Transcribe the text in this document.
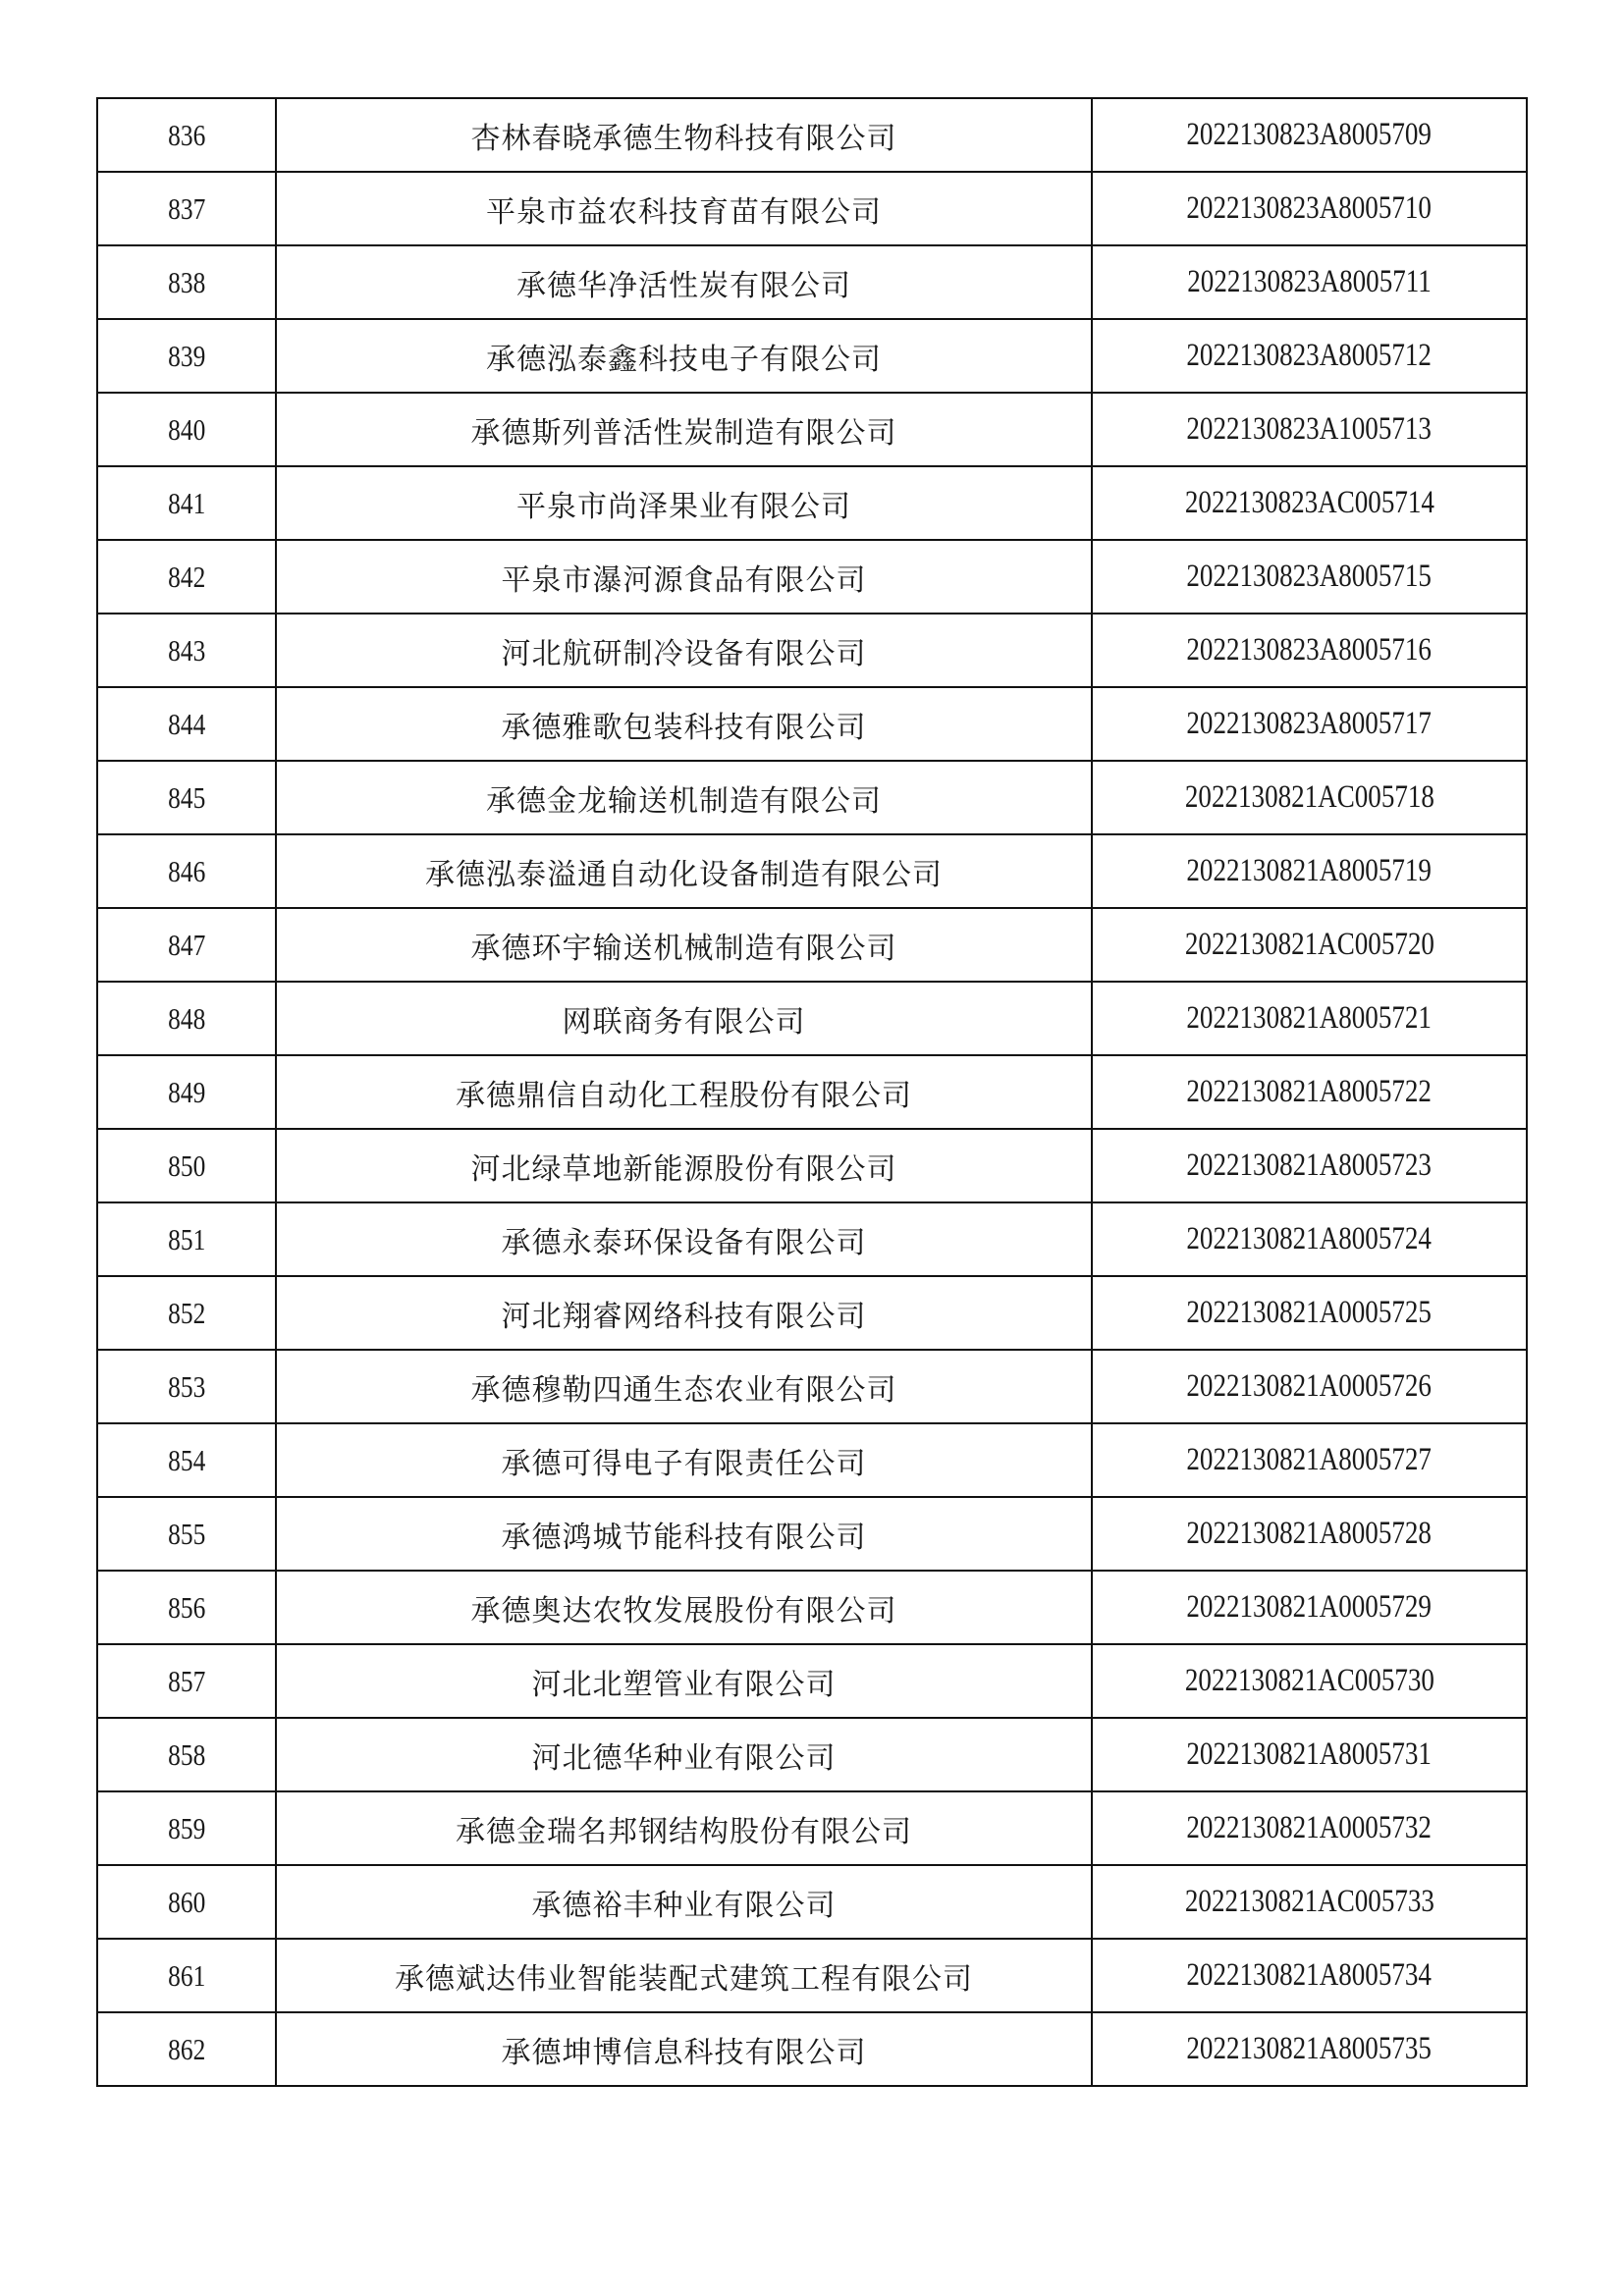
836	杏林春晓承德生物科技有限公司	2022130823A8005709
837	平泉市益农科技育苗有限公司	2022130823A8005710
838	承德华净活性炭有限公司	2022130823A8005711
839	承德泓泰鑫科技电子有限公司	2022130823A8005712
840	承德斯列普活性炭制造有限公司	2022130823A1005713
841	平泉市尚泽果业有限公司	2022130823AC005714
842	平泉市瀑河源食品有限公司	2022130823A8005715
843	河北航研制冷设备有限公司	2022130823A8005716
844	承德雅歌包装科技有限公司	2022130823A8005717
845	承德金龙输送机制造有限公司	2022130821AC005718
846	承德泓泰溢通自动化设备制造有限公司	2022130821A8005719
847	承德环宇输送机械制造有限公司	2022130821AC005720
848	网联商务有限公司	2022130821A8005721
849	承德鼎信自动化工程股份有限公司	2022130821A8005722
850	河北绿草地新能源股份有限公司	2022130821A8005723
851	承德永泰环保设备有限公司	2022130821A8005724
852	河北翔睿网络科技有限公司	2022130821A0005725
853	承德穆勒四通生态农业有限公司	2022130821A0005726
854	承德可得电子有限责任公司	2022130821A8005727
855	承德鸿城节能科技有限公司	2022130821A8005728
856	承德奥达农牧发展股份有限公司	2022130821A0005729
857	河北北塑管业有限公司	2022130821AC005730
858	河北德华种业有限公司	2022130821A8005731
859	承德金瑞名邦钢结构股份有限公司	2022130821A0005732
860	承德裕丰种业有限公司	2022130821AC005733
861	承德斌达伟业智能装配式建筑工程有限公司	2022130821A8005734
862	承德坤博信息科技有限公司	2022130821A8005735
